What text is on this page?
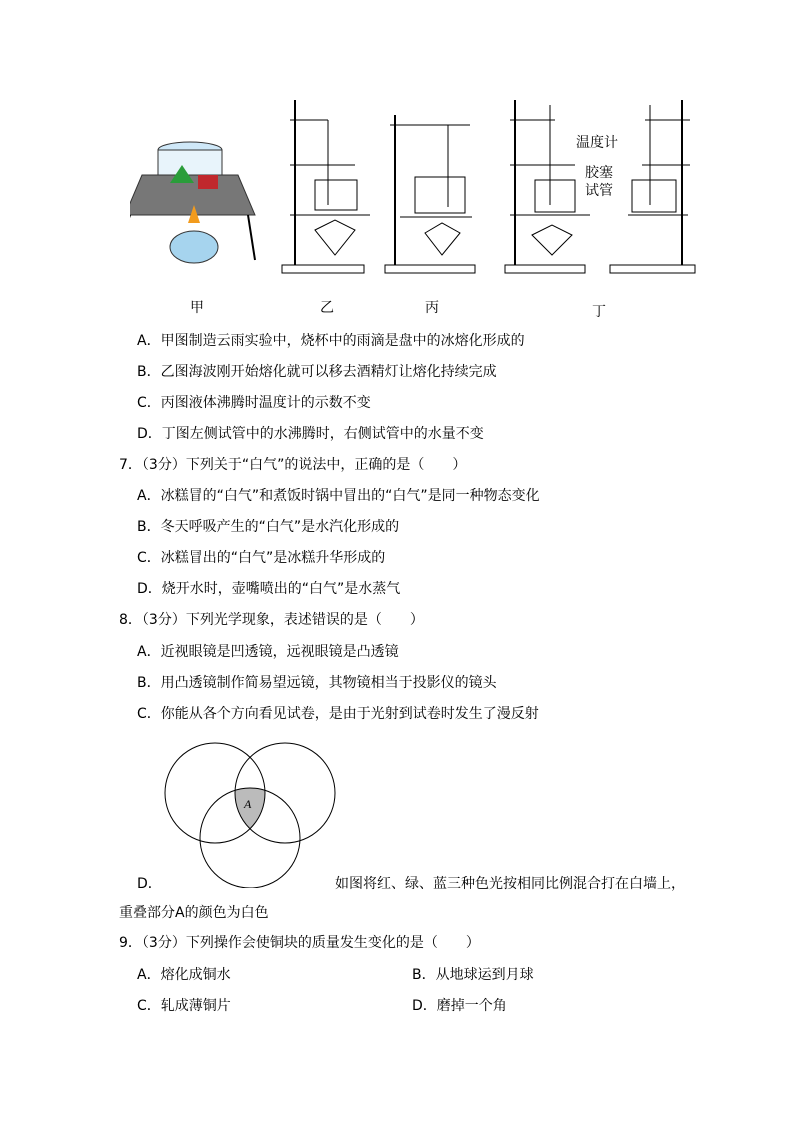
温度计
胶塞
试管
甲	乙	丙	丁
A．甲图制造云雨实验中，烧杯中的雨滴是盘中的冰熔化形成的
B．乙图海波刚开始熔化就可以移去酒精灯让熔化持续完成
C．丙图液体沸腾时温度计的示数不变
D．丁图左侧试管中的水沸腾时，右侧试管中的水量不变
7．（3分）下列关于“白气”的说法中，正确的是（　　）
A．冰糕冒的“白气”和煮饭时锅中冒出的“白气”是同一种物态变化
B．冬天呼吸产生的“白气”是水汽化形成的
C．冰糕冒出的“白气”是冰糕升华形成的
D．烧开水时，壶嘴喷出的“白气”是水蒸气
8．（3分）下列光学现象，表述错误的是（　　）
A．近视眼镜是凹透镜，远视眼镜是凸透镜
B．用凸透镜制作简易望远镜，其物镜相当于投影仪的镜头
C．你能从各个方向看见试卷，是由于光射到试卷时发生了漫反射
A
D．	如图将红、绿、蓝三种色光按相同比例混合打在白墙上，
重叠部分A的颜色为白色
9．（3分）下列操作会使铜块的质量发生变化的是（　　）
A．熔化成铜水	B．从地球运到月球
C．轧成薄铜片	D．磨掉一个角
